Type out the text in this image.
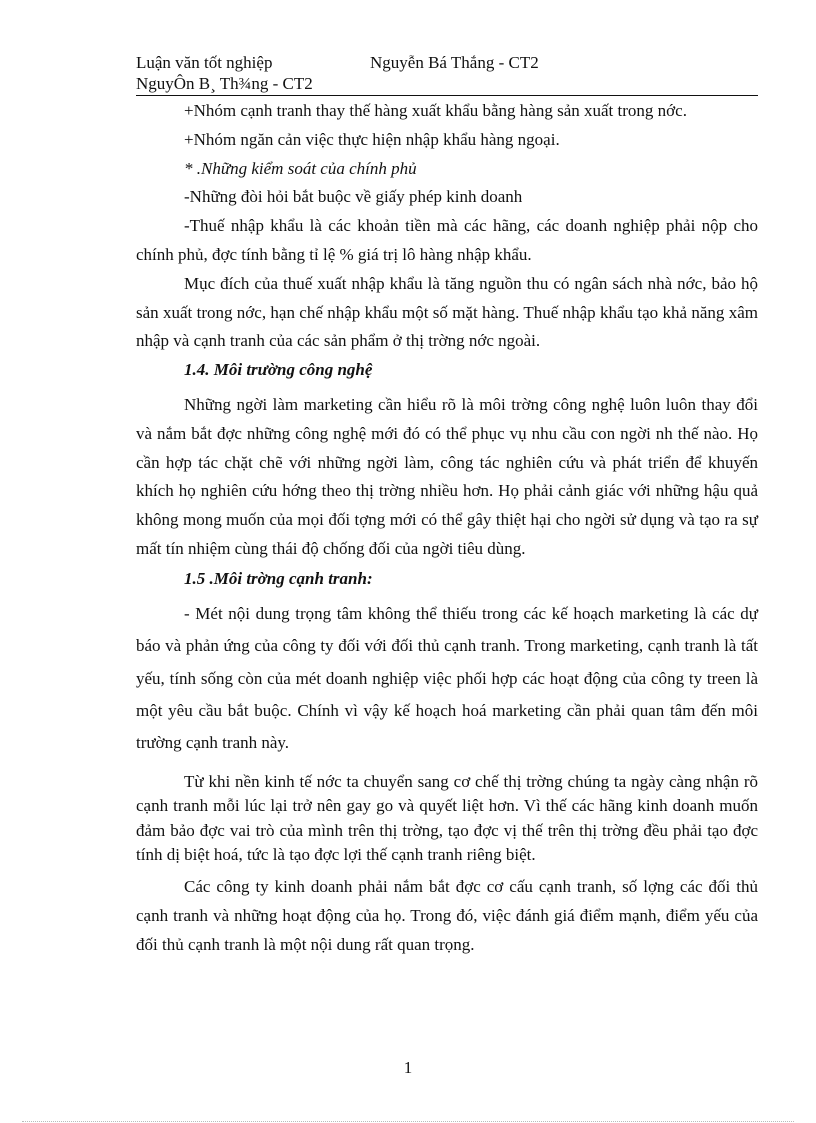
Luận văn tốt nghiệp	Nguyễn Bá Thắng - CT2
NguyÔn B¸ Th¾ng - CT2

+Nhóm cạnh tranh thay thế hàng xuất khẩu bằng hàng sản xuất trong nớc.

+Nhóm ngăn cản việc thực hiện nhập khẩu hàng ngoại.

* .Những kiểm soát của chính phủ

-Những đòi hỏi bắt buộc về giấy phép kinh doanh

-Thuế nhập khẩu là các khoản tiền mà các hãng, các doanh nghiệp phải nộp cho chính phủ, đợc tính bằng tỉ lệ % giá trị lô hàng nhập khẩu.

Mục đích của thuế xuất nhập khẩu là tăng nguồn thu có ngân sách nhà nớc, bảo hộ sản xuất trong nớc, hạn chế nhập khẩu một số mặt hàng. Thuế nhập khẩu tạo khả năng xâm nhập và cạnh tranh của các sản phẩm ở thị trờng nớc ngoài.

1.4. Môi trường công nghệ

Những ngời làm marketing cần hiểu rõ là môi trờng công nghệ luôn luôn thay đổi và nắm bắt đợc những công nghệ mới đó có thể phục vụ nhu cầu con ngời nh thế nào. Họ cần hợp tác chặt chẽ với những ngời làm, công tác nghiên cứu và phát triển để khuyến khích họ nghiên cứu hớng theo thị trờng nhiều hơn. Họ phải cảnh giác với những hậu quả không mong muốn của mọi đối tợng mới có thể gây thiệt hại cho ngời sử dụng và tạo ra sự mất tín nhiệm cùng thái độ chống đối của ngời tiêu dùng.

1.5 .Môi trờng cạnh tranh:

- Mét nội dung trọng tâm không thể thiếu trong các kế hoạch marketing là các dự báo và phản ứng của công ty đối với đối thủ cạnh tranh. Trong marketing, cạnh tranh là tất yếu, tính sống còn của mét doanh nghiệp việc phối hợp các hoạt động của công ty treen là một yêu cầu bắt buộc. Chính vì vậy kế hoạch hoá marketing cần phải quan tâm đến môi trường cạnh tranh này.

Từ khi nền kinh tế nớc ta chuyển sang cơ chế thị trờng chúng ta ngày càng nhận rõ cạnh tranh mỗi lúc lại trở nên gay go và quyết liệt hơn. Vì thế các hãng kinh doanh muốn đảm bảo đợc vai trò của mình trên thị trờng, tạo đợc vị thế trên thị trờng đều phải tạo đợc tính dị biệt hoá, tức là tạo đợc lợi thế cạnh tranh riêng biệt.

Các công ty kinh doanh phải nắm bắt đợc cơ cấu cạnh tranh, số lợng các đối thủ cạnh tranh và những hoạt động của họ. Trong đó, việc đánh giá điểm mạnh, điểm yếu của đối thủ cạnh tranh là một nội dung rất quan trọng.

1
